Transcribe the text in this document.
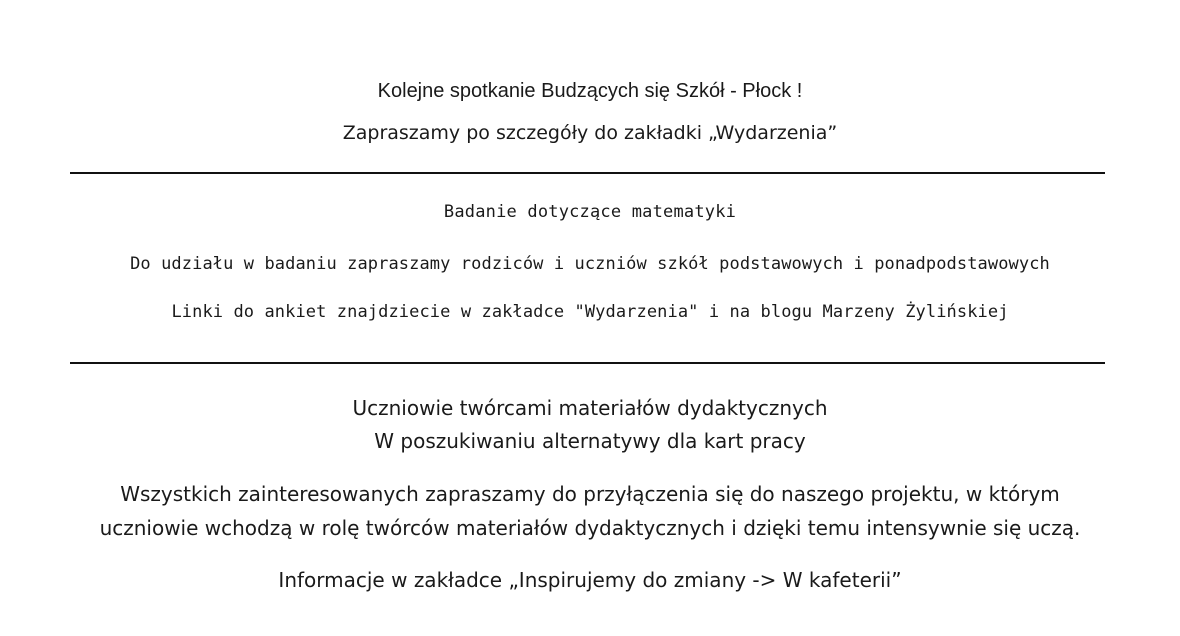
Kolejne spotkanie Budzących się Szkół - Płock !
Zapraszamy po szczegóły do zakładki „Wydarzenia”
Badanie dotyczące matematyki
Do udziału w badaniu zapraszamy rodziców i uczniów szkół podstawowych i ponadpodstawowych
Linki do ankiet znajdziecie w zakładce "Wydarzenia" i na blogu Marzeny Żylińskiej
Uczniowie twórcami materiałów dydaktycznych
W poszukiwaniu alternatywy dla kart pracy
Wszystkich zainteresowanych zapraszamy do przyłączenia się do naszego projektu, w którym
uczniowie wchodzą w rolę twórców materiałów dydaktycznych i dzięki temu intensywnie się uczą.
Informacje w zakładce „Inspirujemy do zmiany -> W kafeterii”
